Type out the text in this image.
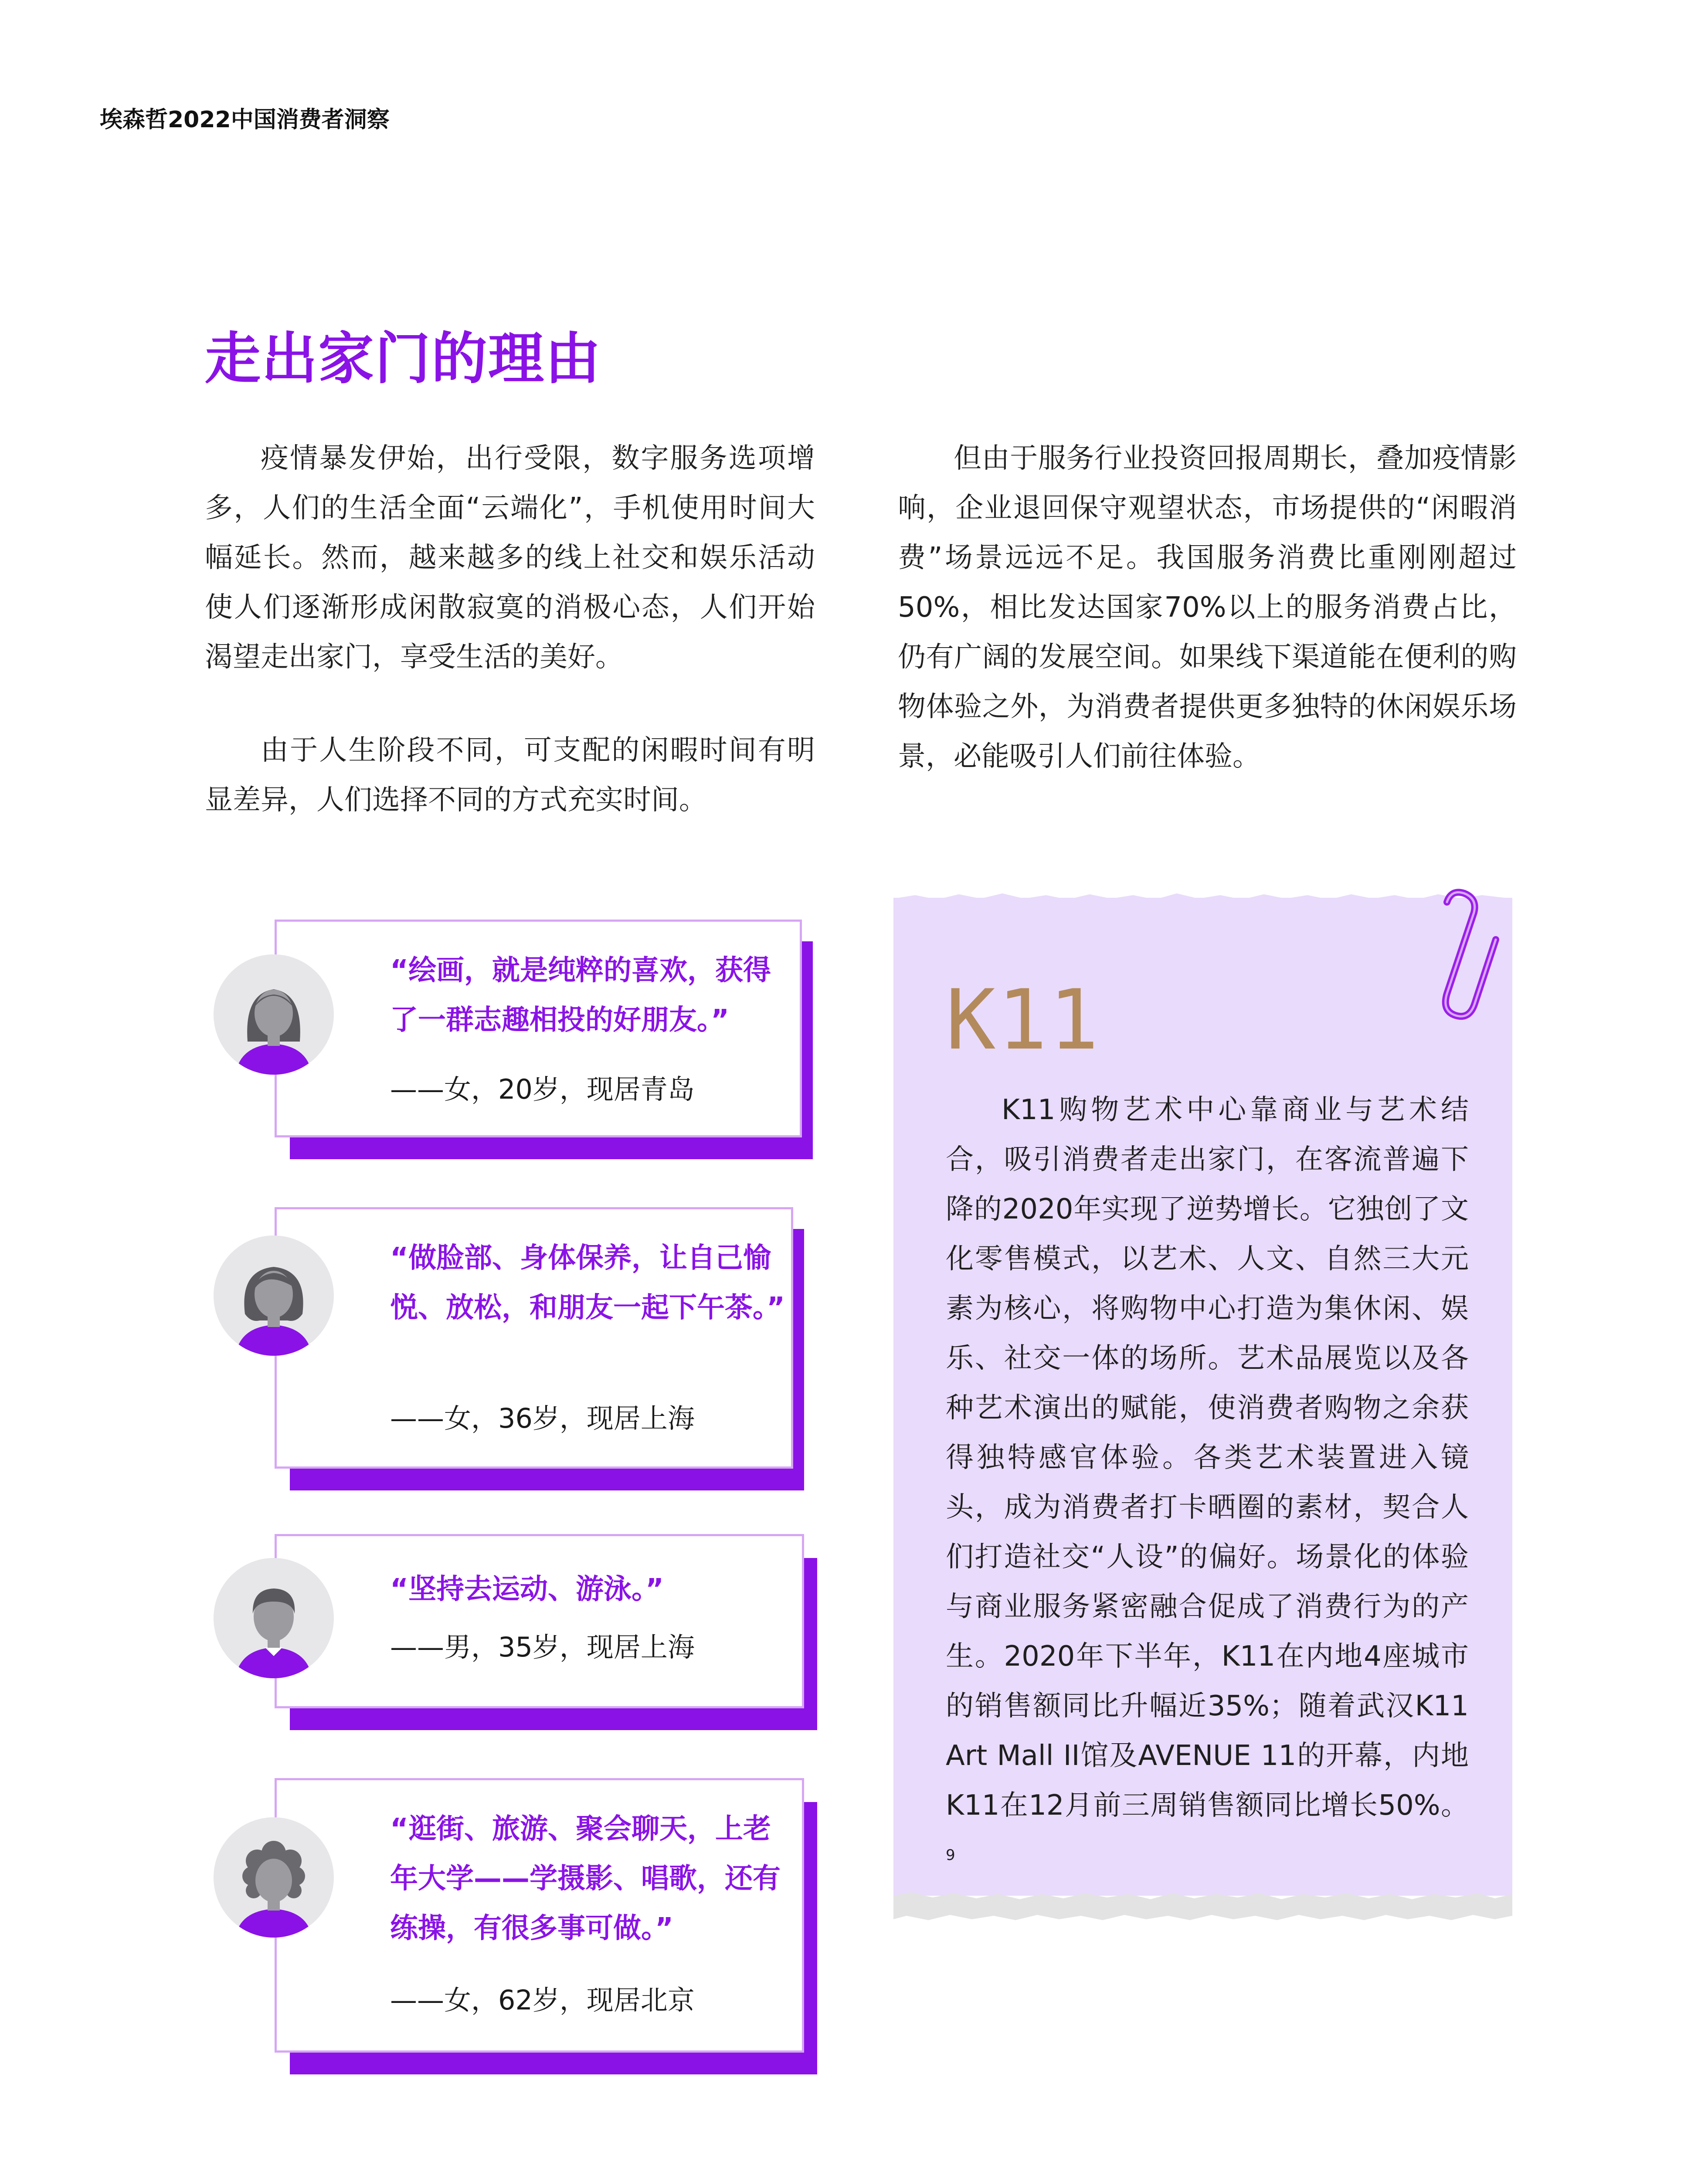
埃森哲2022中国消费者洞察
走出家门的理由

疫情暴发伊始，出行受限，数字服务选项增多，人们的生活全面“云端化”，手机使用时间大幅延长。然而，越来越多的线上社交和娱乐活动使人们逐渐形成闲散寂寞的消极心态，人们开始渴望走出家门，享受生活的美好。

由于人生阶段不同，可支配的闲暇时间有明显差异，人们选择不同的方式充实时间。

但由于服务行业投资回报周期长，叠加疫情影响，企业退回保守观望状态，市场提供的“闲暇消费”场景远远不足。我国服务消费比重刚刚超过50%，相比发达国家70%以上的服务消费占比，仍有广阔的发展空间。如果线下渠道能在便利的购物体验之外，为消费者提供更多独特的休闲娱乐场景，必能吸引人们前往体验。

“绘画，就是纯粹的喜欢，获得了一群志趣相投的好朋友。”
——女，20岁，现居青岛
“做脸部、身体保养，让自己愉悦、放松，和朋友一起下午茶。”
——女，36岁，现居上海
“坚持去运动、游泳。”
——男，35岁，现居上海
“逛街、旅游、聚会聊天，上老年大学——学摄影、唱歌，还有练操，有很多事可做。”
——女，62岁，现居北京
K11

K11购物艺术中心靠商业与艺术结合，吸引消费者走出家门，在客流普遍下降的2020年实现了逆势增长。它独创了文化零售模式，以艺术、人文、自然三大元素为核心，将购物中心打造为集休闲、娱乐、社交一体的场所。艺术品展览以及各种艺术演出的赋能，使消费者购物之余获得独特感官体验。各类艺术装置进入镜头，成为消费者打卡晒圈的素材，契合人们打造社交“人设”的偏好。场景化的体验与商业服务紧密融合促成了消费行为的产生。2020年下半年，K11在内地4座城市的销售额同比升幅近35%；随着武汉K11 Art Mall II馆及AVENUE 11的开幕，内地K11在12月前三周销售额同比增长50%。$^9$
